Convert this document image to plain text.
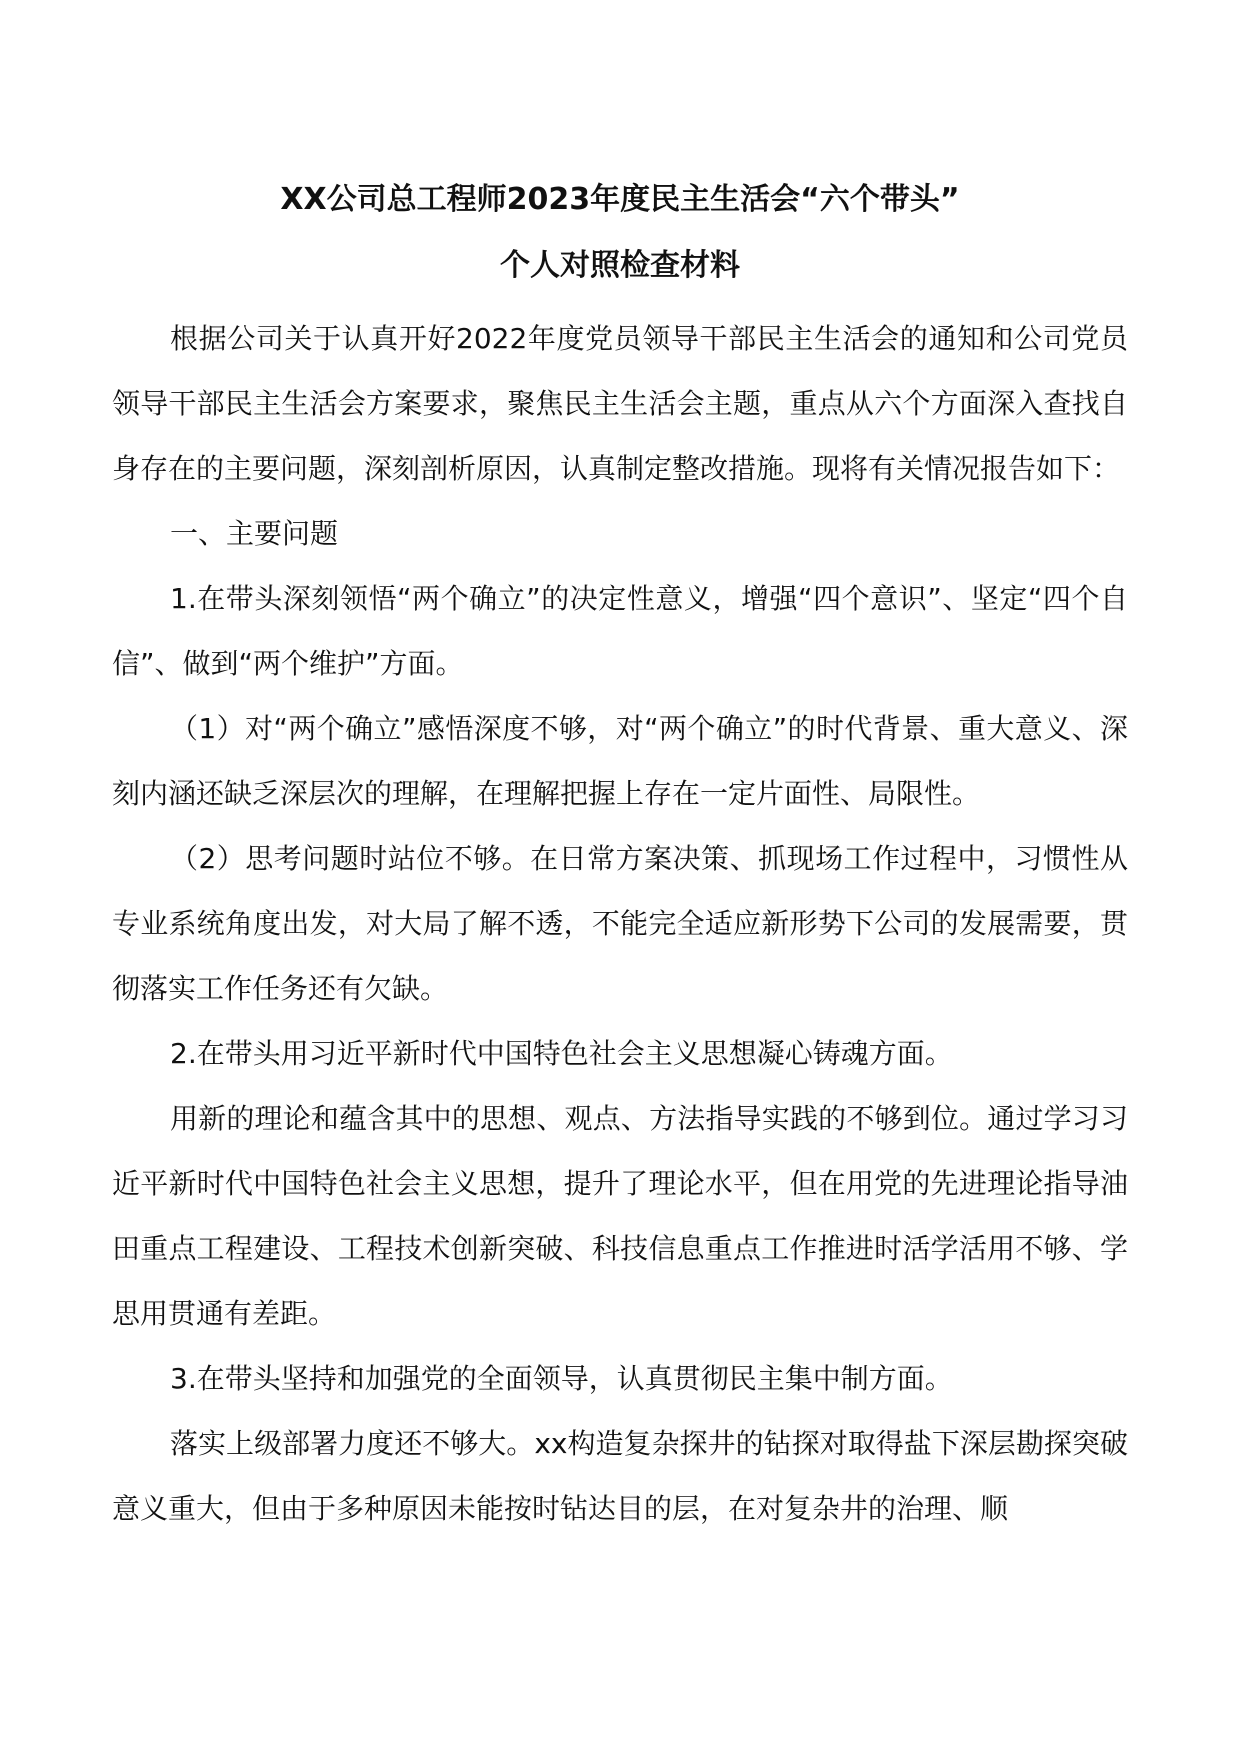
XX公司总工程师2023年度民主生活会“六个带头”
个人对照检查材料

根据公司关于认真开好2022年度党员领导干部民主生活会的通知和公司党员领导干部民主生活会方案要求，聚焦民主生活会主题，重点从六个方面深入查找自身存在的主要问题，深刻剖析原因，认真制定整改措施。现将有关情况报告如下：

一、主要问题

1.在带头深刻领悟“两个确立”的决定性意义，增强“四个意识”、坚定“四个自信”、做到“两个维护”方面。

（1）对“两个确立”感悟深度不够，对“两个确立”的时代背景、重大意义、深刻内涵还缺乏深层次的理解，在理解把握上存在一定片面性、局限性。

（2）思考问题时站位不够。在日常方案决策、抓现场工作过程中，习惯性从专业系统角度出发，对大局了解不透，不能完全适应新形势下公司的发展需要，贯彻落实工作任务还有欠缺。

2.在带头用习近平新时代中国特色社会主义思想凝心铸魂方面。

用新的理论和蕴含其中的思想、观点、方法指导实践的不够到位。通过学习习近平新时代中国特色社会主义思想，提升了理论水平，但在用党的先进理论指导油田重点工程建设、工程技术创新突破、科技信息重点工作推进时活学活用不够、学思用贯通有差距。

3.在带头坚持和加强党的全面领导，认真贯彻民主集中制方面。

落实上级部署力度还不够大。xx构造复杂探井的钻探对取得盐下深层勘探突破意义重大，但由于多种原因未能按时钻达目的层，在对复杂井的治理、顺
